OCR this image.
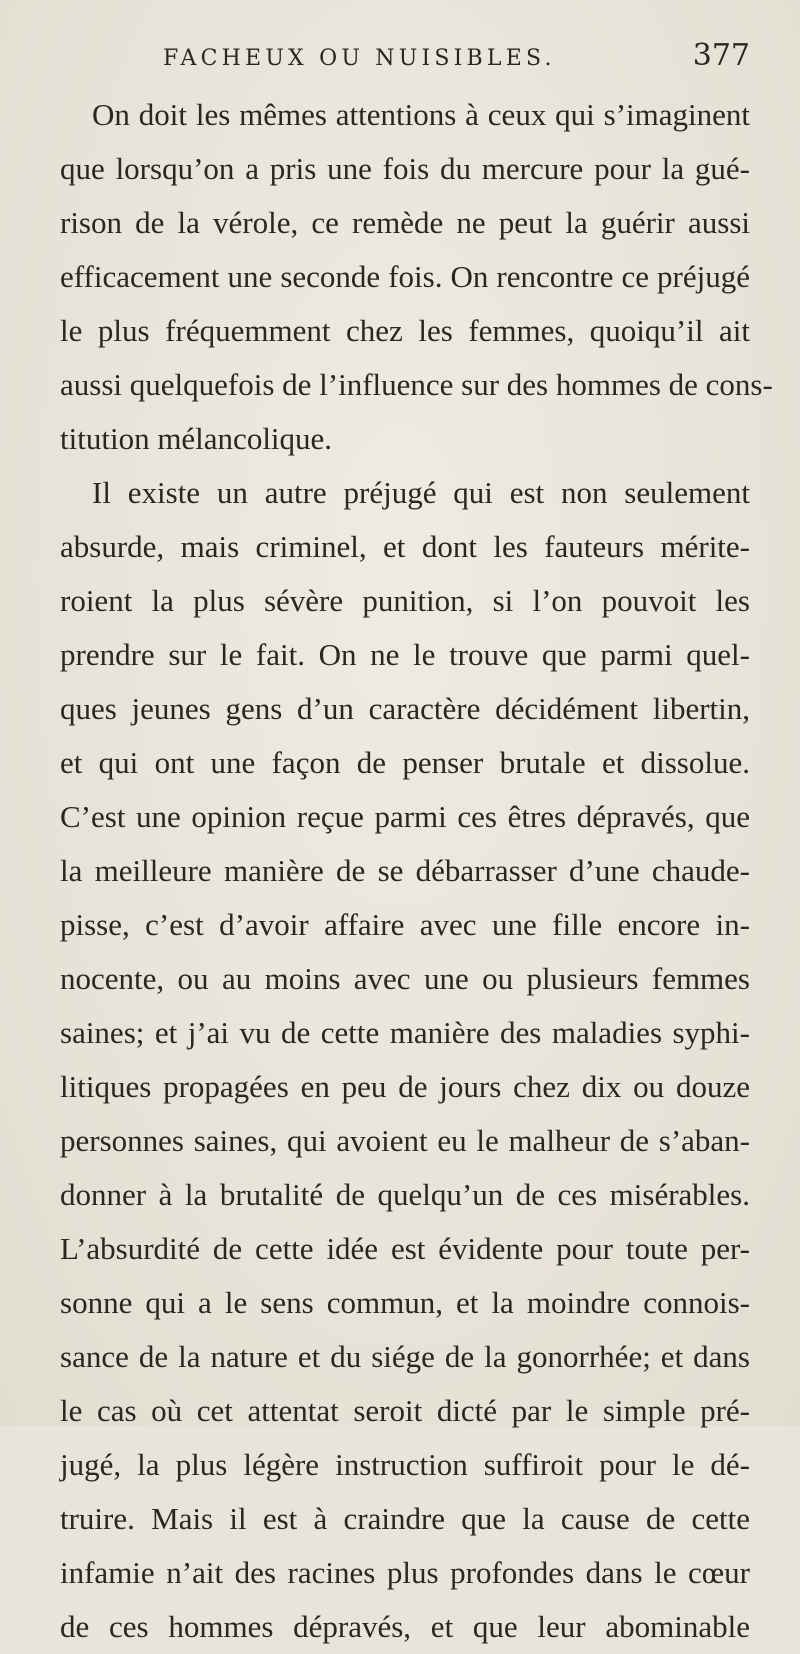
FACHEUX OU NUISIBLES.	377
On doit les mêmes attentions à ceux qui s’imaginent
que lorsqu’on a pris une fois du mercure pour la gué-
rison de la vérole, ce remède ne peut la guérir aussi
efficacement une seconde fois. On rencontre ce préjugé
le plus fréquemment chez les femmes, quoiqu’il ait
aussi quelquefois de l’influence sur des hommes de cons-
titution mélancolique.
Il existe un autre préjugé qui est non seulement
absurde, mais criminel, et dont les fauteurs mérite-
roient la plus sévère punition, si l’on pouvoit les
prendre sur le fait. On ne le trouve que parmi quel-
ques jeunes gens d’un caractère décidément libertin,
et qui ont une façon de penser brutale et dissolue.
C’est une opinion reçue parmi ces êtres dépravés, que
la meilleure manière de se débarrasser d’une chaude-
pisse, c’est d’avoir affaire avec une fille encore in-
nocente, ou au moins avec une ou plusieurs femmes
saines; et j’ai vu de cette manière des maladies syphi-
litiques propagées en peu de jours chez dix ou douze
personnes saines, qui avoient eu le malheur de s’aban-
donner à la brutalité de quelqu’un de ces misérables.
L’absurdité de cette idée est évidente pour toute per-
sonne qui a le sens commun, et la moindre connois-
sance de la nature et du siége de la gonorrhée; et dans
le cas où cet attentat seroit dicté par le simple pré-
jugé, la plus légère instruction suffiroit pour le dé-
truire. Mais il est à craindre que la cause de cette
infamie n’ait des racines plus profondes dans le cœur
de ces hommes dépravés, et que leur abominable
